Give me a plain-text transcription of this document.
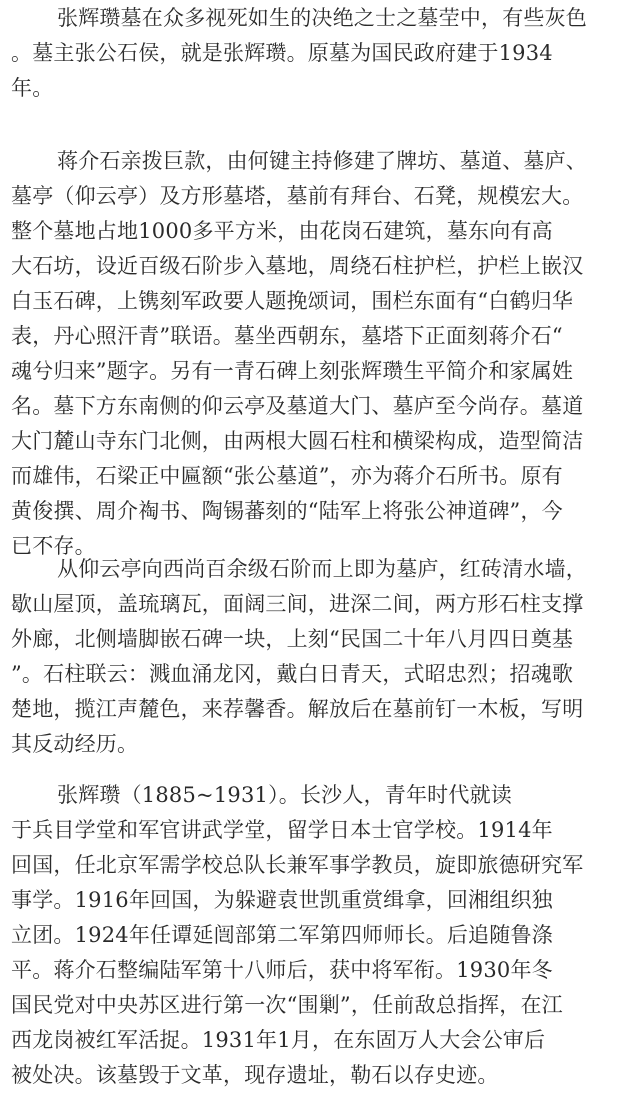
张辉瓒墓在众多视死如生的决绝之士之墓茔中，有些灰色
。墓主张公石侯，就是张辉瓒。原墓为国民政府建于1934
年。
蒋介石亲拨巨款，由何键主持修建了牌坊、墓道、墓庐、
墓亭（仰云亭）及方形墓塔，墓前有拜台、石凳，规模宏大。
整个墓地占地1000多平方米，由花岗石建筑，墓东向有高
大石坊，设近百级石阶步入墓地，周绕石柱护栏，护栏上嵌汉
白玉石碑，上镌刻军政要人题挽颂词，围栏东面有“白鹤归华
表，丹心照汗青”联语。墓坐西朝东，墓塔下正面刻蒋介石“
魂兮归来”题字。另有一青石碑上刻张辉瓒生平简介和家属姓
名。墓下方东南侧的仰云亭及墓道大门、墓庐至今尚存。墓道
大门麓山寺东门北侧，由两根大圆石柱和横梁构成，造型简洁
而雄伟，石梁正中匾额“张公墓道”，亦为蒋介石所书。原有
黄俊撰、周介祹书、陶锡蕃刻的“陆军上将张公神道碑”，今
已不存。
从仰云亭向西尚百余级石阶而上即为墓庐，红砖清水墙，
歇山屋顶，盖琉璃瓦，面阔三间，进深二间，两方形石柱支撑
外廊，北侧墙脚嵌石碑一块，上刻“民国二十年八月四日奠基
”。石柱联云：溅血涌龙冈，戴白日青天，式昭忠烈；招魂歌
楚地，揽江声麓色，来荐馨香。解放后在墓前钉一木板，写明
其反动经历。
张辉瓒（1885~1931）。长沙人，青年时代就读
于兵目学堂和军官讲武学堂，留学日本士官学校。1914年
回国，任北京军需学校总队长兼军事学教员，旋即旅德研究军
事学。1916年回国，为躲避袁世凯重赏缉拿，回湘组织独
立团。1924年任谭延闿部第二军第四师师长。后追随鲁涤
平。蒋介石整编陆军第十八师后，获中将军衔。1930年冬
国民党对中央苏区进行第一次“围剿”，任前敌总指挥，在江
西龙岗被红军活捉。1931年1月，在东固万人大会公审后
被处决。该墓毁于文革，现存遗址，勒石以存史迹。
